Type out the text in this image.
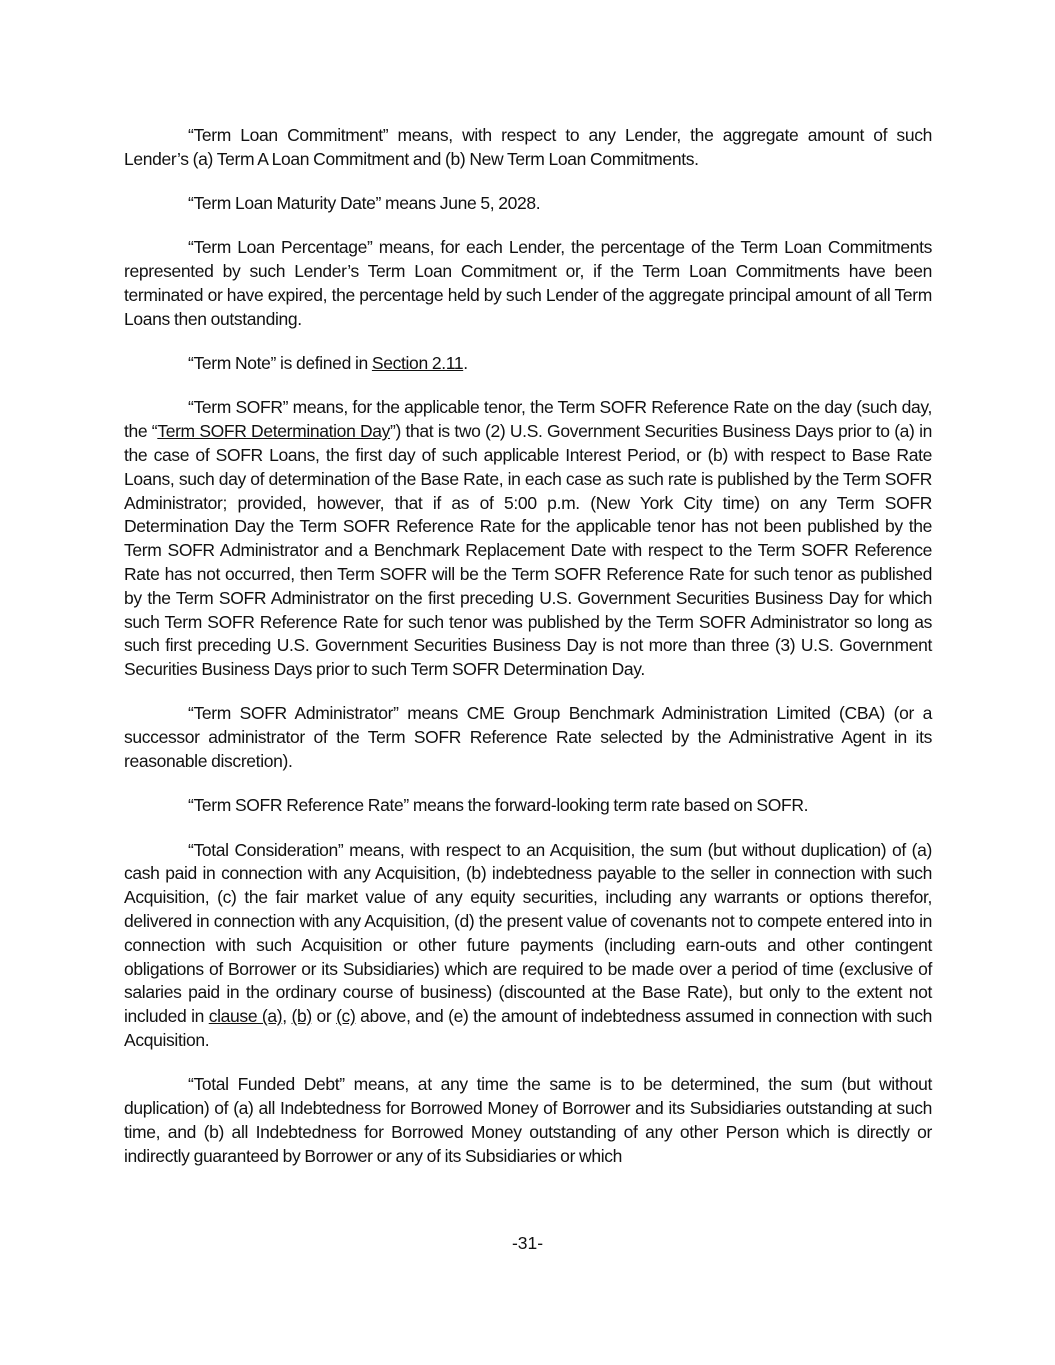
“Term Loan Commitment” means, with respect to any Lender, the aggregate amount of such Lender’s (a) Term A Loan Commitment and (b) New Term Loan Commitments.

“Term Loan Maturity Date” means June 5, 2028.

“Term Loan Percentage” means, for each Lender, the percentage of the Term Loan Commitments represented by such Lender’s Term Loan Commitment or, if the Term Loan Commitments have been terminated or have expired, the percentage held by such Lender of the aggregate principal amount of all Term Loans then outstanding.

“Term Note” is defined in Section 2.11.

“Term SOFR” means, for the applicable tenor, the Term SOFR Reference Rate on the day (such day, the “Term SOFR Determination Day”) that is two (2) U.S. Government Securities Business Days prior to (a) in the case of SOFR Loans, the first day of such applicable Interest Period, or (b) with respect to Base Rate Loans, such day of determination of the Base Rate, in each case as such rate is published by the Term SOFR Administrator; provided, however, that if as of 5:00 p.m. (New York City time) on any Term SOFR Determination Day the Term SOFR Reference Rate for the applicable tenor has not been published by the Term SOFR Administrator and a Benchmark Replacement Date with respect to the Term SOFR Reference Rate has not occurred, then Term SOFR will be the Term SOFR Reference Rate for such tenor as published by the Term SOFR Administrator on the first preceding U.S. Government Securities Business Day for which such Term SOFR Reference Rate for such tenor was published by the Term SOFR Administrator so long as such first preceding U.S. Government Securities Business Day is not more than three (3) U.S. Government Securities Business Days prior to such Term SOFR Determination Day.

“Term SOFR Administrator” means CME Group Benchmark Administration Limited (CBA) (or a successor administrator of the Term SOFR Reference Rate selected by the Administrative Agent in its reasonable discretion).

“Term SOFR Reference Rate” means the forward-looking term rate based on SOFR.

“Total Consideration” means, with respect to an Acquisition, the sum (but without duplication) of (a) cash paid in connection with any Acquisition, (b) indebtedness payable to the seller in connection with such Acquisition, (c) the fair market value of any equity securities, including any warrants or options therefor, delivered in connection with any Acquisition, (d) the present value of covenants not to compete entered into in connection with such Acquisition or other future payments (including earn-outs and other contingent obligations of Borrower or its Subsidiaries) which are required to be made over a period of time (exclusive of salaries paid in the ordinary course of business) (discounted at the Base Rate), but only to the extent not included in clause (a), (b) or (c) above, and (e) the amount of indebtedness assumed in connection with such Acquisition.

“Total Funded Debt” means, at any time the same is to be determined, the sum (but without duplication) of (a) all Indebtedness for Borrowed Money of Borrower and its Subsidiaries outstanding at such time, and (b) all Indebtedness for Borrowed Money outstanding of any other Person which is directly or indirectly guaranteed by Borrower or any of its Subsidiaries or which

-31-
